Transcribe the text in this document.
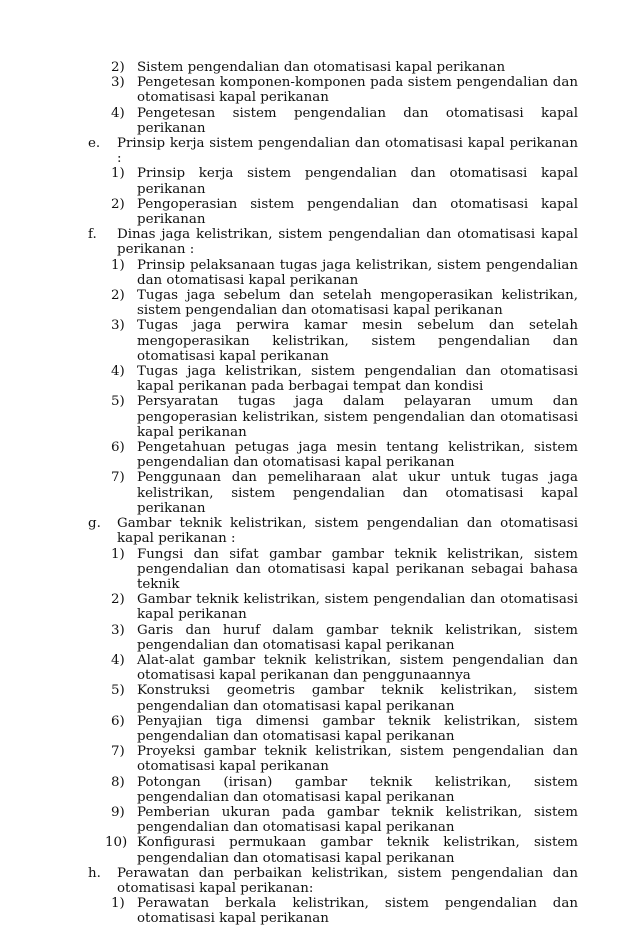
2) Sistem pengendalian dan otomatisasi kapal perikanan
3) Pengetesan komponen-komponen pada sistem pengendalian dan otomatisasi kapal perikanan
4) Pengetesan sistem pengendalian dan otomatisasi kapal perikanan
e. Prinsip kerja sistem pengendalian dan otomatisasi kapal perikanan :
1) Prinsip kerja sistem pengendalian dan otomatisasi kapal perikanan
2) Pengoperasian sistem pengendalian dan otomatisasi kapal perikanan
f. Dinas jaga kelistrikan, sistem pengendalian dan otomatisasi kapal perikanan :
1) Prinsip pelaksanaan tugas jaga kelistrikan, sistem pengendalian dan otomatisasi kapal perikanan
2) Tugas jaga sebelum dan setelah mengoperasikan kelistrikan, sistem pengendalian dan otomatisasi kapal perikanan
3) Tugas jaga perwira kamar mesin sebelum dan setelah mengoperasikan kelistrikan, sistem pengendalian dan otomatisasi kapal perikanan
4) Tugas jaga kelistrikan, sistem pengendalian dan otomatisasi kapal perikanan pada berbagai tempat dan kondisi
5) Persyaratan tugas jaga dalam pelayaran umum dan pengoperasian kelistrikan, sistem pengendalian dan otomatisasi kapal perikanan
6) Pengetahuan petugas jaga mesin tentang kelistrikan, sistem pengendalian dan otomatisasi kapal perikanan
7) Penggunaan dan pemeliharaan alat ukur untuk tugas jaga kelistrikan, sistem pengendalian dan otomatisasi kapal perikanan
g. Gambar teknik kelistrikan, sistem pengendalian dan otomatisasi kapal perikanan :
1) Fungsi dan sifat gambar gambar teknik kelistrikan, sistem pengendalian dan otomatisasi kapal perikanan sebagai bahasa teknik
2) Gambar teknik kelistrikan, sistem pengendalian dan otomatisasi kapal perikanan
3) Garis dan huruf dalam gambar teknik kelistrikan, sistem pengendalian dan otomatisasi kapal perikanan
4) Alat-alat gambar teknik kelistrikan, sistem pengendalian dan otomatisasi kapal perikanan dan penggunaannya
5) Konstruksi geometris gambar teknik kelistrikan, sistem pengendalian dan otomatisasi kapal perikanan
6) Penyajian tiga dimensi gambar teknik kelistrikan, sistem pengendalian dan otomatisasi kapal perikanan
7) Proyeksi gambar teknik kelistrikan, sistem pengendalian dan otomatisasi kapal perikanan
8) Potongan (irisan) gambar teknik kelistrikan, sistem pengendalian dan otomatisasi kapal perikanan
9) Pemberian ukuran pada gambar teknik kelistrikan, sistem pengendalian dan otomatisasi kapal perikanan
10) Konfigurasi permukaan gambar teknik kelistrikan, sistem pengendalian dan otomatisasi kapal perikanan
h. Perawatan dan perbaikan kelistrikan, sistem pengendalian dan otomatisasi kapal perikanan:
1) Perawatan berkala kelistrikan, sistem pengendalian dan otomatisasi kapal perikanan
